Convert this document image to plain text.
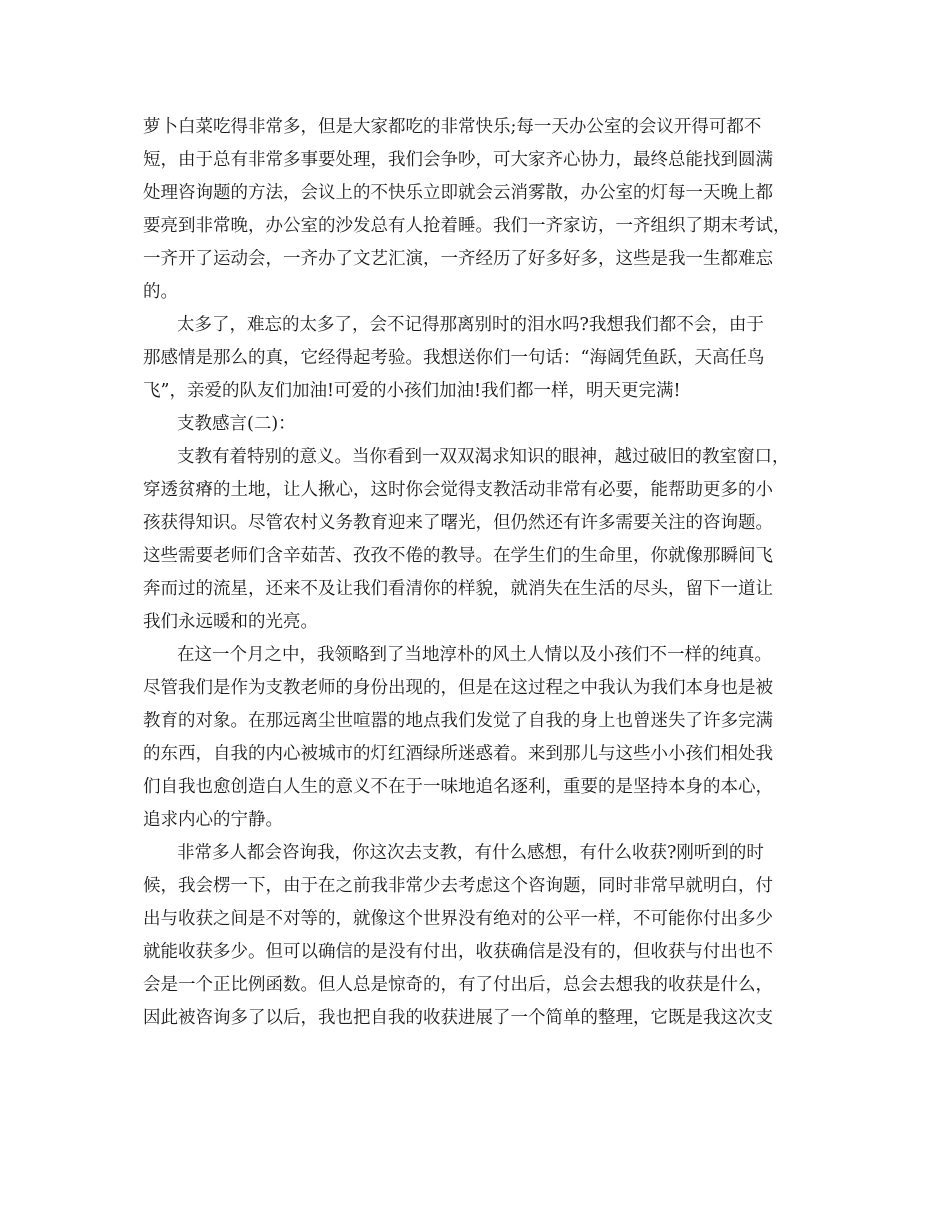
萝卜白菜吃得非常多，但是大家都吃的非常快乐;每一天办公室的会议开得可都不
短，由于总有非常多事要处理，我们会争吵，可大家齐心协力，最终总能找到圆满
处理咨询题的方法，会议上的不快乐立即就会云消雾散，办公室的灯每一天晚上都
要亮到非常晚，办公室的沙发总有人抢着睡。我们一齐家访，一齐组织了期末考试，
一齐开了运动会，一齐办了文艺汇演，一齐经历了好多好多，这些是我一生都难忘
的。
太多了，难忘的太多了，会不记得那离别时的泪水吗?我想我们都不会，由于
那感情是那么的真，它经得起考验。我想送你们一句话：“海阔凭鱼跃，天高任鸟
飞”，亲爱的队友们加油!可爱的小孩们加油!我们都一样，明天更完满!
支教感言(二)：
支教有着特别的意义。当你看到一双双渴求知识的眼神，越过破旧的教室窗口，
穿透贫瘠的土地，让人揪心，这时你会觉得支教活动非常有必要，能帮助更多的小
孩获得知识。尽管农村义务教育迎来了曙光，但仍然还有许多需要关注的咨询题。
这些需要老师们含辛茹苦、孜孜不倦的教导。在学生们的生命里，你就像那瞬间飞
奔而过的流星，还来不及让我们看清你的样貌，就消失在生活的尽头，留下一道让
我们永远暖和的光亮。
在这一个月之中，我领略到了当地淳朴的风土人情以及小孩们不一样的纯真。
尽管我们是作为支教老师的身份出现的，但是在这过程之中我认为我们本身也是被
教育的对象。在那远离尘世喧嚣的地点我们发觉了自我的身上也曾迷失了许多完满
的东西，自我的内心被城市的灯红酒绿所迷惑着。来到那儿与这些小小孩们相处我
们自我也愈创造白人生的意义不在于一味地追名逐利，重要的是坚持本身的本心，
追求内心的宁静。
非常多人都会咨询我，你这次去支教，有什么感想，有什么收获?刚听到的时
候，我会楞一下，由于在之前我非常少去考虑这个咨询题，同时非常早就明白，付
出与收获之间是不对等的，就像这个世界没有绝对的公平一样，不可能你付出多少
就能收获多少。但可以确信的是没有付出，收获确信是没有的，但收获与付出也不
会是一个正比例函数。但人总是惊奇的，有了付出后，总会去想我的收获是什么，
因此被咨询多了以后，我也把自我的收获进展了一个简单的整理，它既是我这次支
